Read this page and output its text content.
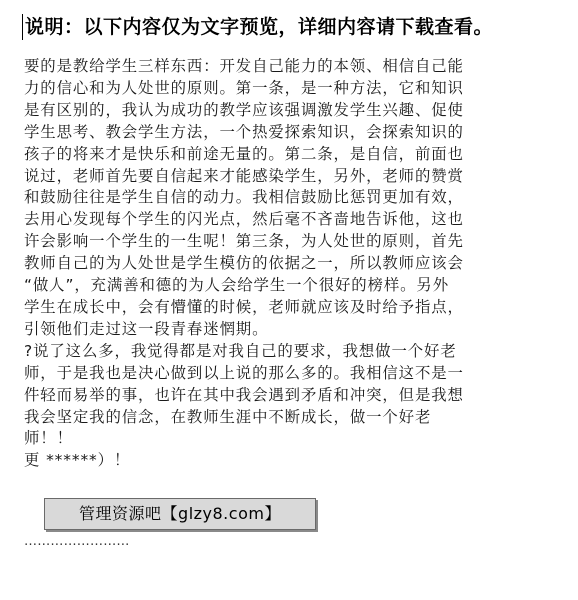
说明：以下内容仅为文字预览，详细内容请下载查看。
要的是教给学生三样东西：开发自己能力的本领、相信自己能
力的信心和为人处世的原则。第一条，是一种方法，它和知识
是有区别的，我认为成功的教学应该强调激发学生兴趣、促使
学生思考、教会学生方法，一个热爱探索知识，会探索知识的
孩子的将来才是快乐和前途无量的。第二条，是自信，前面也
说过，老师首先要自信起来才能感染学生，另外，老师的赞赏
和鼓励往往是学生自信的动力。我相信鼓励比惩罚更加有效，
去用心发现每个学生的闪光点，然后毫不吝啬地告诉他，这也
许会影响一个学生的一生呢！第三条，为人处世的原则，首先
教师自己的为人处世是学生模仿的依据之一，所以教师应该会
“做人”，充满善和德的为人会给学生一个很好的榜样。另外
学生在成长中，会有懵懂的时候，老师就应该及时给予指点，
引领他们走过这一段青春迷惘期。
?说了这么多，我觉得都是对我自己的要求，我想做一个好老
师，于是我也是决心做到以上说的那么多的。我相信这不是一
件轻而易举的事，也许在其中我会遇到矛盾和冲突，但是我想
我会坚定我的信念，在教师生涯中不断成长，做一个好老
师！！
更 ******）！
管理资源吧【glzy8.com】
……………………
